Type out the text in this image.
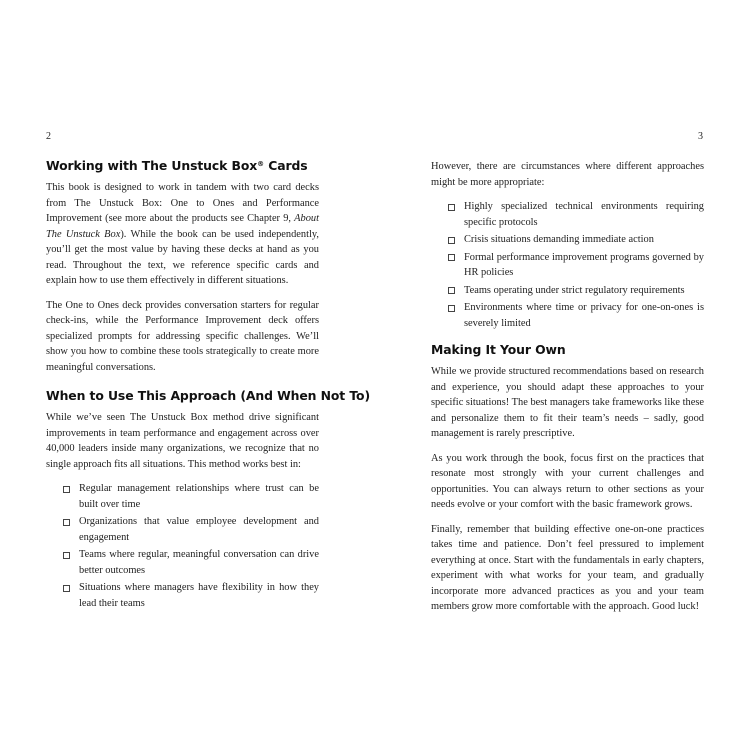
2
Working with The Unstuck Box® Cards

This book is designed to work in tandem with two card decks from The Unstuck Box: One to Ones and Performance Improvement (see more about the products see Chapter 9, About The Unstuck Box). While the book can be used independently, you’ll get the most value by having these decks at hand as you read. Throughout the text, we reference specific cards and explain how to use them effectively in different situations.

The One to Ones deck provides conversation starters for regular check-ins, while the Performance Improvement deck offers specialized prompts for addressing specific challenges. We’ll show you how to combine these tools strategically to create more meaningful conversations.

When to Use This Approach (And When Not To)

While we’ve seen The Unstuck Box method drive significant improvements in team performance and engagement across over 40,000 leaders inside many organizations, we recognize that no single approach fits all situations. This method works best in:

Regular management relationships where trust can be built over time
Organizations that value employee development and engagement
Teams where regular, meaningful conversation can drive better outcomes
Situations where managers have flexibility in how they lead their teams
3

However, there are circumstances where different approaches might be more appropriate:

Highly specialized technical environments requiring specific protocols
Crisis situations demanding immediate action
Formal performance improvement programs governed by HR policies
Teams operating under strict regulatory requirements
Environments where time or privacy for one-on-ones is severely limited
Making It Your Own

While we provide structured recommendations based on research and experience, you should adapt these approaches to your specific situations! The best managers take frameworks like these and personalize them to fit their team’s needs – sadly, good management is rarely prescriptive.

As you work through the book, focus first on the practices that resonate most strongly with your current challenges and opportunities. You can always return to other sections as your needs evolve or your comfort with the basic framework grows.

Finally, remember that building effective one-on-one practices takes time and patience. Don’t feel pressured to implement everything at once. Start with the fundamentals in early chapters, experiment with what works for your team, and gradually incorporate more advanced practices as you and your team members grow more comfortable with the approach. Good luck!
